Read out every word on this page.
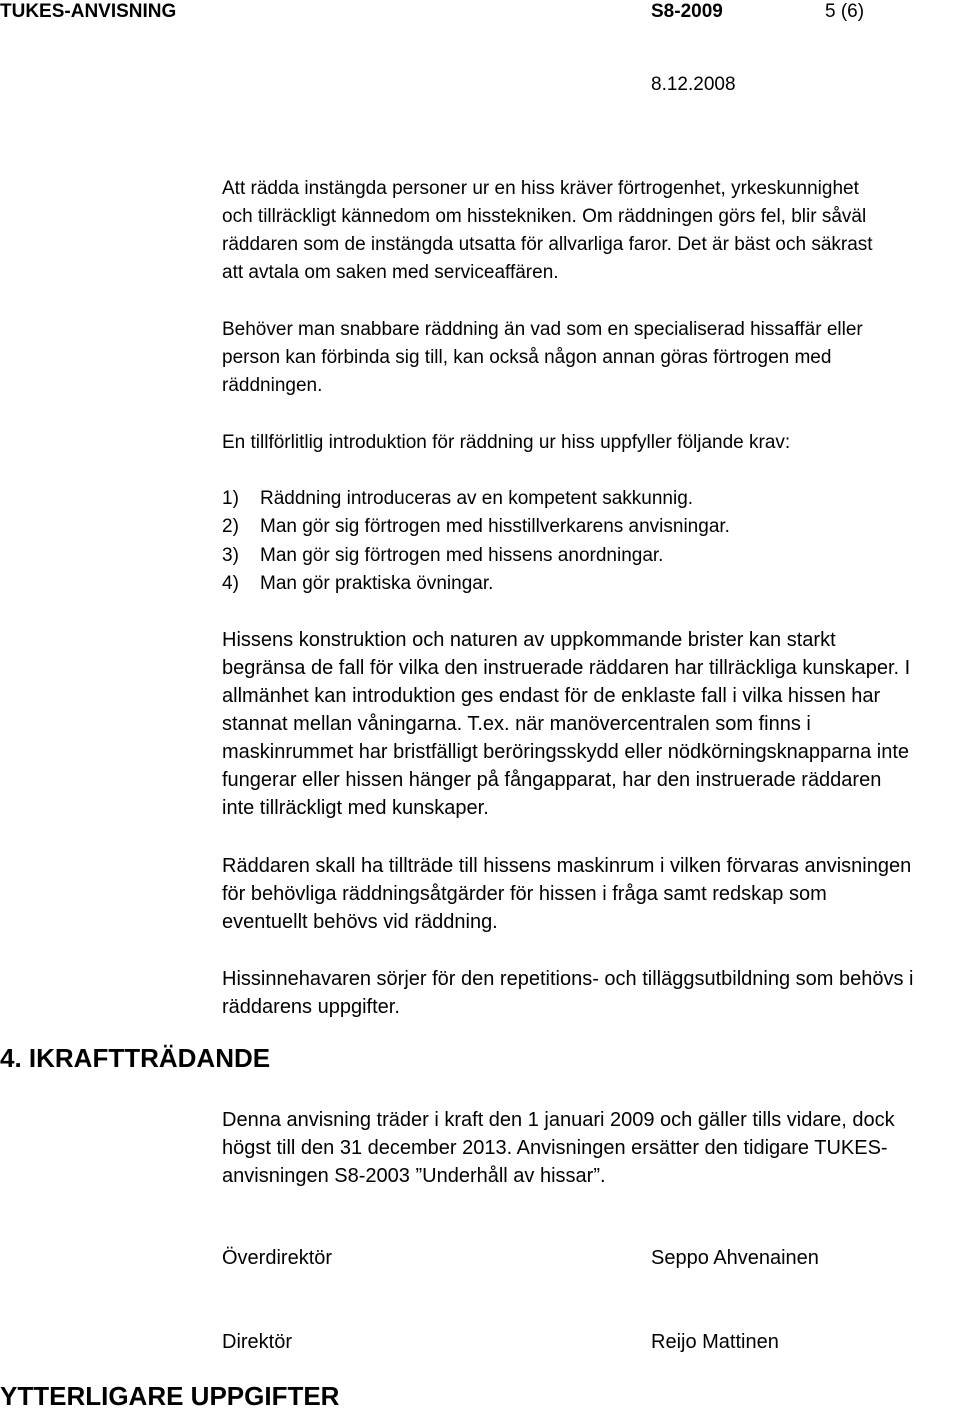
TUKES-ANVISNING	S8-2009	5 (6)
8.12.2008
Att rädda instängda personer ur en hiss kräver förtrogenhet, yrkeskunnighet
och tillräckligt kännedom om hisstekniken. Om räddningen görs fel, blir såväl
räddaren som de instängda utsatta för allvarliga faror. Det är bäst och säkrast
att avtala om saken med serviceaffären.
Behöver man snabbare räddning än vad som en specialiserad hissaffär eller
person kan förbinda sig till, kan också någon annan göras förtrogen med
räddningen.
En tillförlitlig introduktion för räddning ur hiss uppfyller följande krav:
1) Räddning introduceras av en kompetent sakkunnig.
2) Man gör sig förtrogen med hisstillverkarens anvisningar.
3) Man gör sig förtrogen med hissens anordningar.
4) Man gör praktiska övningar.
Hissens konstruktion och naturen av uppkommande brister kan starkt
begränsa de fall för vilka den instruerade räddaren har tillräckliga kunskaper. I
allmänhet kan introduktion ges endast för de enklaste fall i vilka hissen har
stannat mellan våningarna. T.ex. när manövercentralen som finns i
maskinrummet har bristfälligt beröringsskydd eller nödkörningsknapparna inte
fungerar eller hissen hänger på fångapparat, har den instruerade räddaren
inte tillräckligt med kunskaper.
Räddaren skall ha tillträde till hissens maskinrum i vilken förvaras anvisningen
för behövliga räddningsåtgärder för hissen i fråga samt redskap som
eventuellt behövs vid räddning.
Hissinnehavaren sörjer för den repetitions- och tilläggsutbildning som behövs i
räddarens uppgifter.
4. IKRAFTTRÄDANDE
Denna anvisning träder i kraft den 1 januari 2009 och gäller tills vidare, dock
högst till den 31 december 2013. Anvisningen ersätter den tidigare TUKES-
anvisningen S8-2003 ”Underhåll av hissar”.
Överdirektör	Seppo Ahvenainen
Direktör	Reijo Mattinen
YTTERLIGARE UPPGIFTER
